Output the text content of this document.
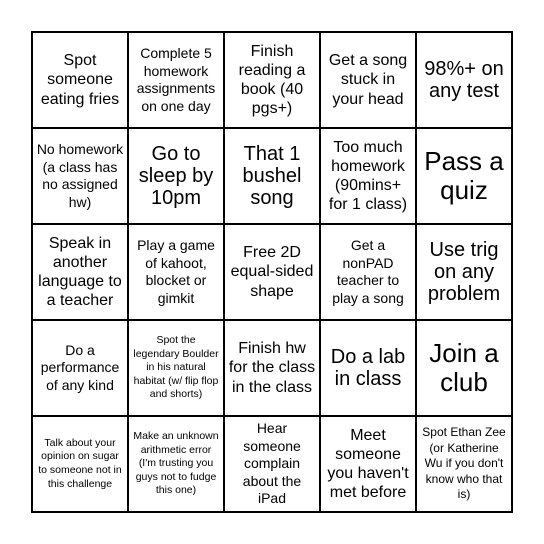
Spot someone eating fries
Complete 5 homework assignments on one day
Finish reading a book (40 pgs+)
Get a song stuck in your head
98%+ on any test
No homework (a class has no assigned hw)
Go to sleep by 10pm
That 1 bushel song
Too much homework (90mins+ for 1 class)
Pass a quiz
Speak in another language to a teacher
Play a game of kahoot, blocket or gimkit
Free 2D equal-sided shape
Get a nonPAD teacher to play a song
Use trig on any problem
Do a performance of any kind
Spot the legendary Boulder in his natural habitat (w/ flip flop and shorts)
Finish hw for the class in the class
Do a lab in class
Join a club
Talk about your opinion on sugar to someone not in this challenge
Make an unknown arithmetic error (I'm trusting you guys not to fudge this one)
Hear someone complain about the iPad
Meet someone you haven't met before
Spot Ethan Zee (or Katherine Wu if you don't know who that is)
